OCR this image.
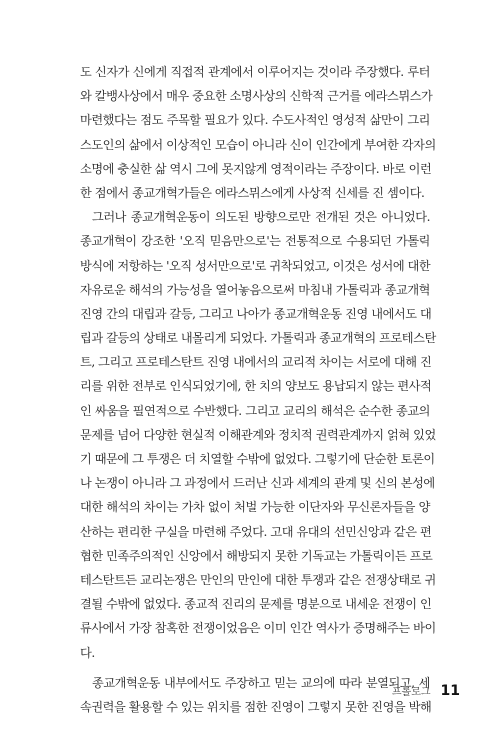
도 신자가 신에게 직접적 관계에서 이루어지는 것이라 주장했다. 루터
와 칼뱅사상에서 매우 중요한 소명사상의 신학적 근거를 에라스뮈스가
마련했다는 점도 주목할 필요가 있다. 수도사적인 영성적 삶만이 그리
스도인의 삶에서 이상적인 모습이 아니라 신이 인간에게 부여한 각자의
소명에 충실한 삶 역시 그에 못지않게 영적이라는 주장이다. 바로 이런
한 점에서 종교개혁가들은 에라스뮈스에게 사상적 신세를 진 셈이다.
그러나 종교개혁운동이 의도된 방향으로만 전개된 것은 아니었다.
종교개혁이 강조한 '오직 믿음만으로'는 전통적으로 수용되던 가톨릭
방식에 저항하는 '오직 성서만으로'로 귀착되었고, 이것은 성서에 대한
자유로운 해석의 가능성을 열어놓음으로써 마침내 가톨릭과 종교개혁
진영 간의 대립과 갈등, 그리고 나아가 종교개혁운동 진영 내에서도 대
립과 갈등의 상태로 내몰리게 되었다. 가톨릭과 종교개혁의 프로테스탄
트, 그리고 프로테스탄트 진영 내에서의 교리적 차이는 서로에 대해 진
리를 위한 전부로 인식되었기에, 한 치의 양보도 용납되지 않는 편사적
인 싸움을 필연적으로 수반했다. 그리고 교리의 해석은 순수한 종교의
문제를 넘어 다양한 현실적 이해관계와 정치적 권력관계까지 얽혀 있었
기 때문에 그 투쟁은 더 치열할 수밖에 없었다. 그렇기에 단순한 토론이
나 논쟁이 아니라 그 과정에서 드러난 신과 세계의 관계 및 신의 본성에
대한 해석의 차이는 가차 없이 처벌 가능한 이단자와 무신론자들을 양
산하는 편리한 구실을 마련해 주었다. 고대 유대의 선민신앙과 같은 편
협한 민족주의적인 신앙에서 해방되지 못한 기독교는 가톨릭이든 프로
테스탄트든 교리논쟁은 만인의 만인에 대한 투쟁과 같은 전쟁상태로 귀
결될 수밖에 없었다. 종교적 진리의 문제를 명분으로 내세운 전쟁이 인
류사에서 가장 참혹한 전쟁이었음은 이미 인간 역사가 증명해주는 바이
다.
종교개혁운동 내부에서도 주장하고 믿는 교의에 따라 분열되고, 세
속권력을 활용할 수 있는 위치를 점한 진영이 그렇지 못한 진영을 박해
프롤로그 11
